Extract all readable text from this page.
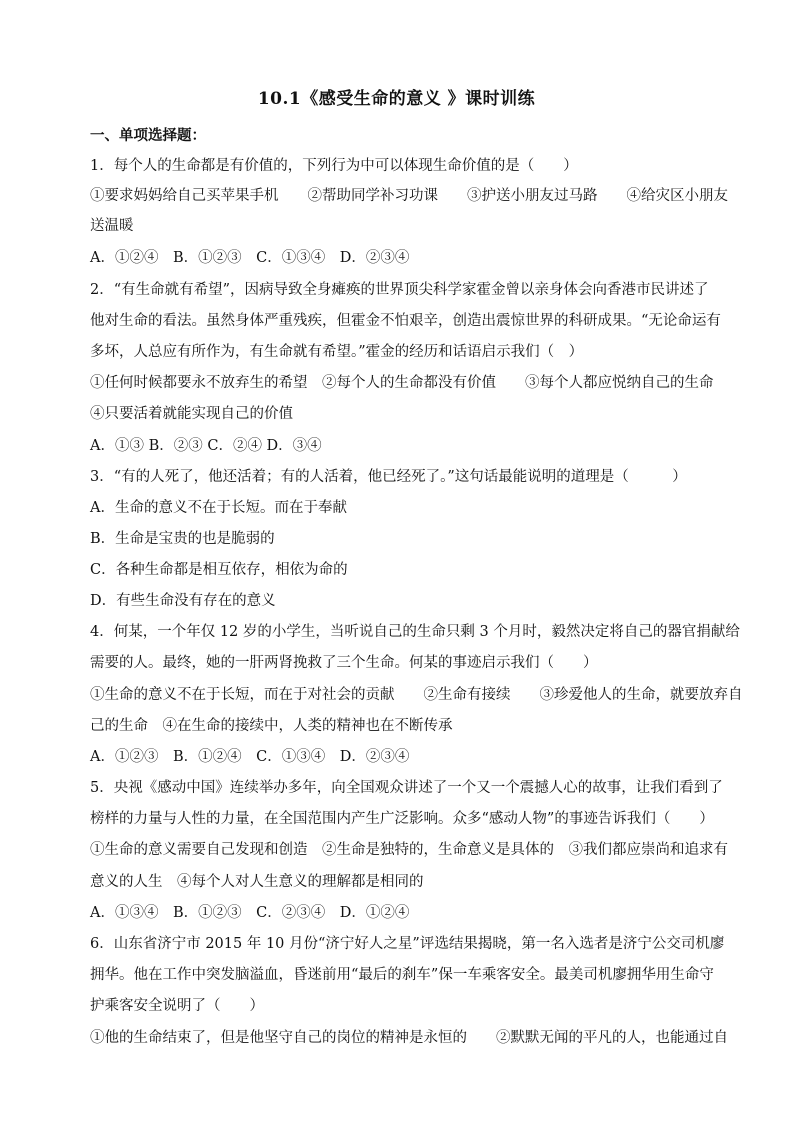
10.1《感受生命的意义 》课时训练
一、单项选择题：
1．每个人的生命都是有价值的，下列行为中可以体现生命价值的是（　　）
①要求妈妈给自己买苹果手机　　②帮助同学补习功课　　③护送小朋友过马路　　④给灾区小朋友
送温暖
A．①②④　B．①②③　C．①③④　D．②③④
2．“有生命就有希望”，因病导致全身瘫痪的世界顶尖科学家霍金曾以亲身体会向香港市民讲述了
他对生命的看法。虽然身体严重残疾，但霍金不怕艰辛，创造出震惊世界的科研成果。“无论命运有
多坏，人总应有所作为，有生命就有希望。”霍金的经历和话语启示我们（　）
①任何时候都要永不放弃生的希望　②每个人的生命都没有价值　　③每个人都应悦纳自己的生命
④只要活着就能实现自己的价值
A．①③ B．②③ C．②④ D．③④
3．“有的人死了，他还活着；有的人活着，他已经死了。”这句话最能说明的道理是（　　　）
A．生命的意义不在于长短。而在于奉献
B．生命是宝贵的也是脆弱的
C．各种生命都是相互依存，相依为命的
D．有些生命没有存在的意义
4．何某，一个年仅 12 岁的小学生，当听说自己的生命只剩 3 个月时，毅然决定将自己的器官捐献给
需要的人。最终，她的一肝两肾挽救了三个生命。何某的事迹启示我们（　　）
①生命的意义不在于长短，而在于对社会的贡献　　②生命有接续　　③珍爱他人的生命，就要放弃自
己的生命　④在生命的接续中，人类的精神也在不断传承
A．①②③　B．①②④　C．①③④　D．②③④
5．央视《感动中国》连续举办多年，向全国观众讲述了一个又一个震撼人心的故事，让我们看到了
榜样的力量与人性的力量，在全国范围内产生广泛影响。众多“感动人物”的事迹告诉我们（　　）
①生命的意义需要自己发现和创造　②生命是独特的，生命意义是具体的　③我们都应崇尚和追求有
意义的人生　④每个人对人生意义的理解都是相同的
A．①③④　B．①②③　C．②③④　D．①②④
6．山东省济宁市 2015 年 10 月份“济宁好人之星”评选结果揭晓，第一名入选者是济宁公交司机廖
拥华。他在工作中突发脑溢血，昏迷前用“最后的刹车”保一车乘客安全。最美司机廖拥华用生命守
护乘客安全说明了（　　）
①他的生命结束了，但是他坚守自己的岗位的精神是永恒的　　②默默无闻的平凡的人，也能通过自
